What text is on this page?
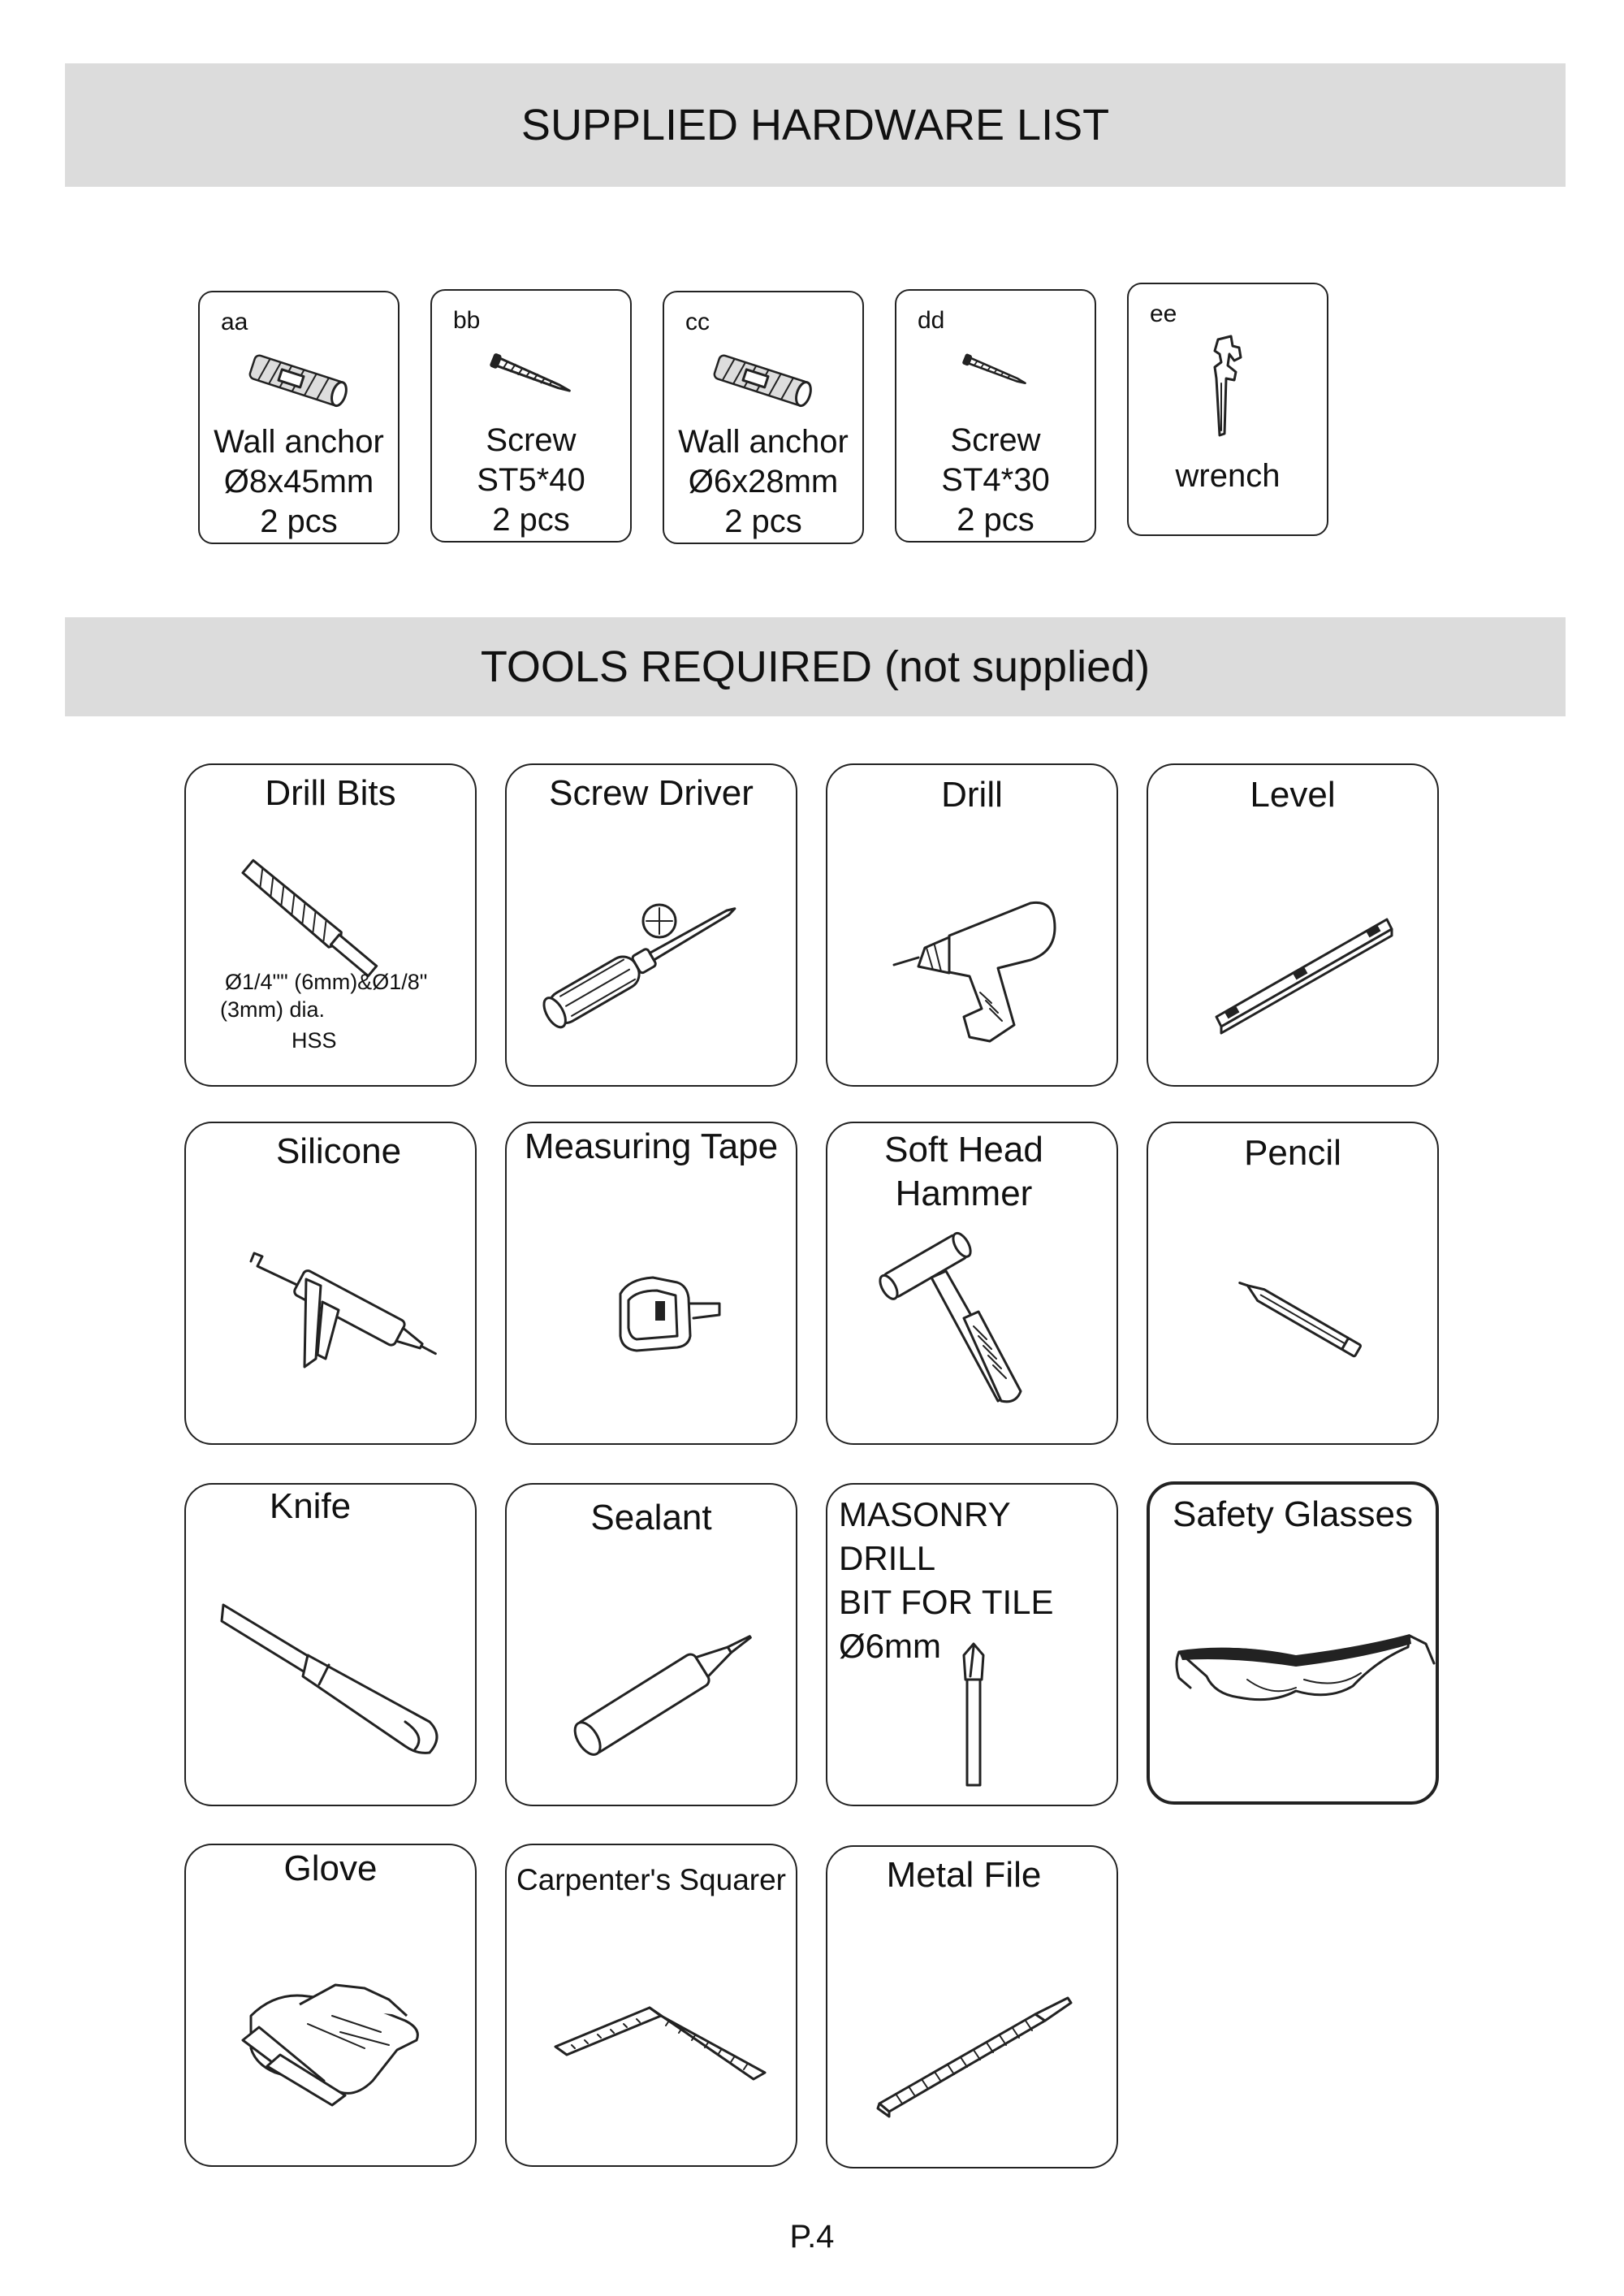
SUPPLIED HARDWARE LIST
aa
Wall anchor
Ø8x45mm
2 pcs
bb
Screw
ST5*40
2 pcs
cc
Wall anchor
Ø6x28mm
2 pcs
dd
Screw
ST4*30
2 pcs
ee
wrench
TOOLS REQUIRED (not supplied)
Drill Bits
Ø1/4"" (6mm)&Ø1/8"
(3mm) dia.
HSS
Screw Driver	Drill	Level
Silicone	Measuring Tape	Soft Head
Hammer
Pencil
Knife	Sealant	MASONRY DRILL
BIT FOR TILE
Ø6mm
Safety Glasses
Glove	Carpenter's Squarer	Metal File
P.4
